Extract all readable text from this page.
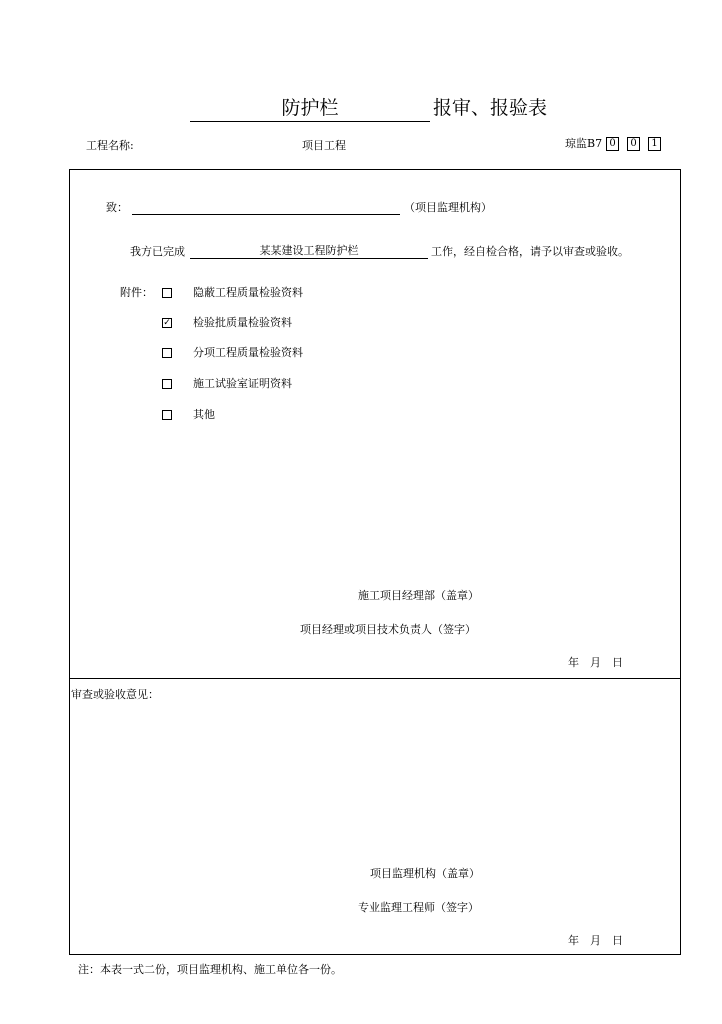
防护栏	报审、报验表
工程名称:	项目工程	琼监B7 0 0 1
致：	（项目监理机构）
我方已完成	某某建设工程防护栏	工作，经自检合格，请予以审查或验收。
附件：	隐蔽工程质量检验资料
✓ 检验批质量检验资料
分项工程质量检验资料
施工试验室证明资料
其他
施工项目经理部（盖章）
项目经理或项目技术负责人（签字）
年　月　日
审查或验收意见：
项目监理机构（盖章）
专业监理工程师（签字）
年　月　日
注：本表一式二份，项目监理机构、施工单位各一份。
